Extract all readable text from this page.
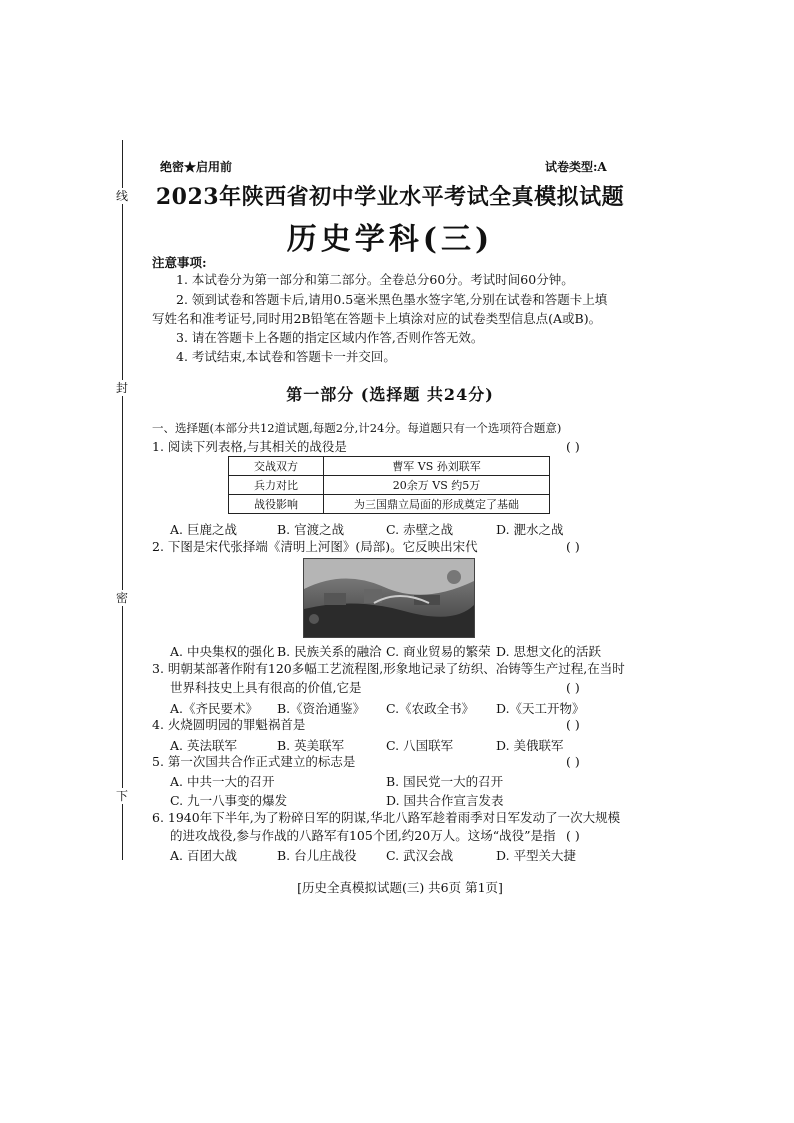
线
封
密
下
绝密★启用前	试卷类型:A
2023年陕西省初中学业水平考试全真模拟试题
历史学科(三)
注意事项:
1. 本试卷分为第一部分和第二部分。全卷总分60分。考试时间60分钟。
2. 领到试卷和答题卡后,请用0.5毫米黑色墨水签字笔,分别在试卷和答题卡上填
写姓名和准考证号,同时用2B铅笔在答题卡上填涂对应的试卷类型信息点(A或B)。
3. 请在答题卡上各题的指定区域内作答,否则作答无效。
4. 考试结束,本试卷和答题卡一并交回。
第一部分 (选择题 共24分)
一、选择题(本部分共12道试题,每题2分,计24分。每道题只有一个选项符合题意)
1. 阅读下列表格,与其相关的战役是	( )
交战双方	曹军 VS 孙刘联军
兵力对比	20余万 VS 约5万
战役影响	为三国鼎立局面的形成奠定了基础
A. 巨鹿之战	B. 官渡之战	C. 赤壁之战	D. 淝水之战
2. 下图是宋代张择端《清明上河图》(局部)。它反映出宋代	( )
A. 中央集权的强化 B. 民族关系的融洽 C. 商业贸易的繁荣 D. 思想文化的活跃
3. 明朝某部著作附有120多幅工艺流程图,形象地记录了纺织、冶铸等生产过程,在当时
世界科技史上具有很高的价值,它是	( )
A.《齐民要术》 B.《资治通鉴》 C.《农政全书》 D.《天工开物》
4. 火烧圆明园的罪魁祸首是	( )
A. 英法联军	B. 英美联军	C. 八国联军	D. 美俄联军
5. 第一次国共合作正式建立的标志是	( )
A. 中共一大的召开	B. 国民党一大的召开
C. 九一八事变的爆发	D. 国共合作宣言发表
6. 1940年下半年,为了粉碎日军的阴谋,华北八路军趁着雨季对日军发动了一次大规模
的进攻战役,参与作战的八路军有105个团,约20万人。这场“战役”是指 ( )
A. 百团大战	B. 台儿庄战役 C. 武汉会战	D. 平型关大捷
[历史全真模拟试题(三) 共6页 第1页]
